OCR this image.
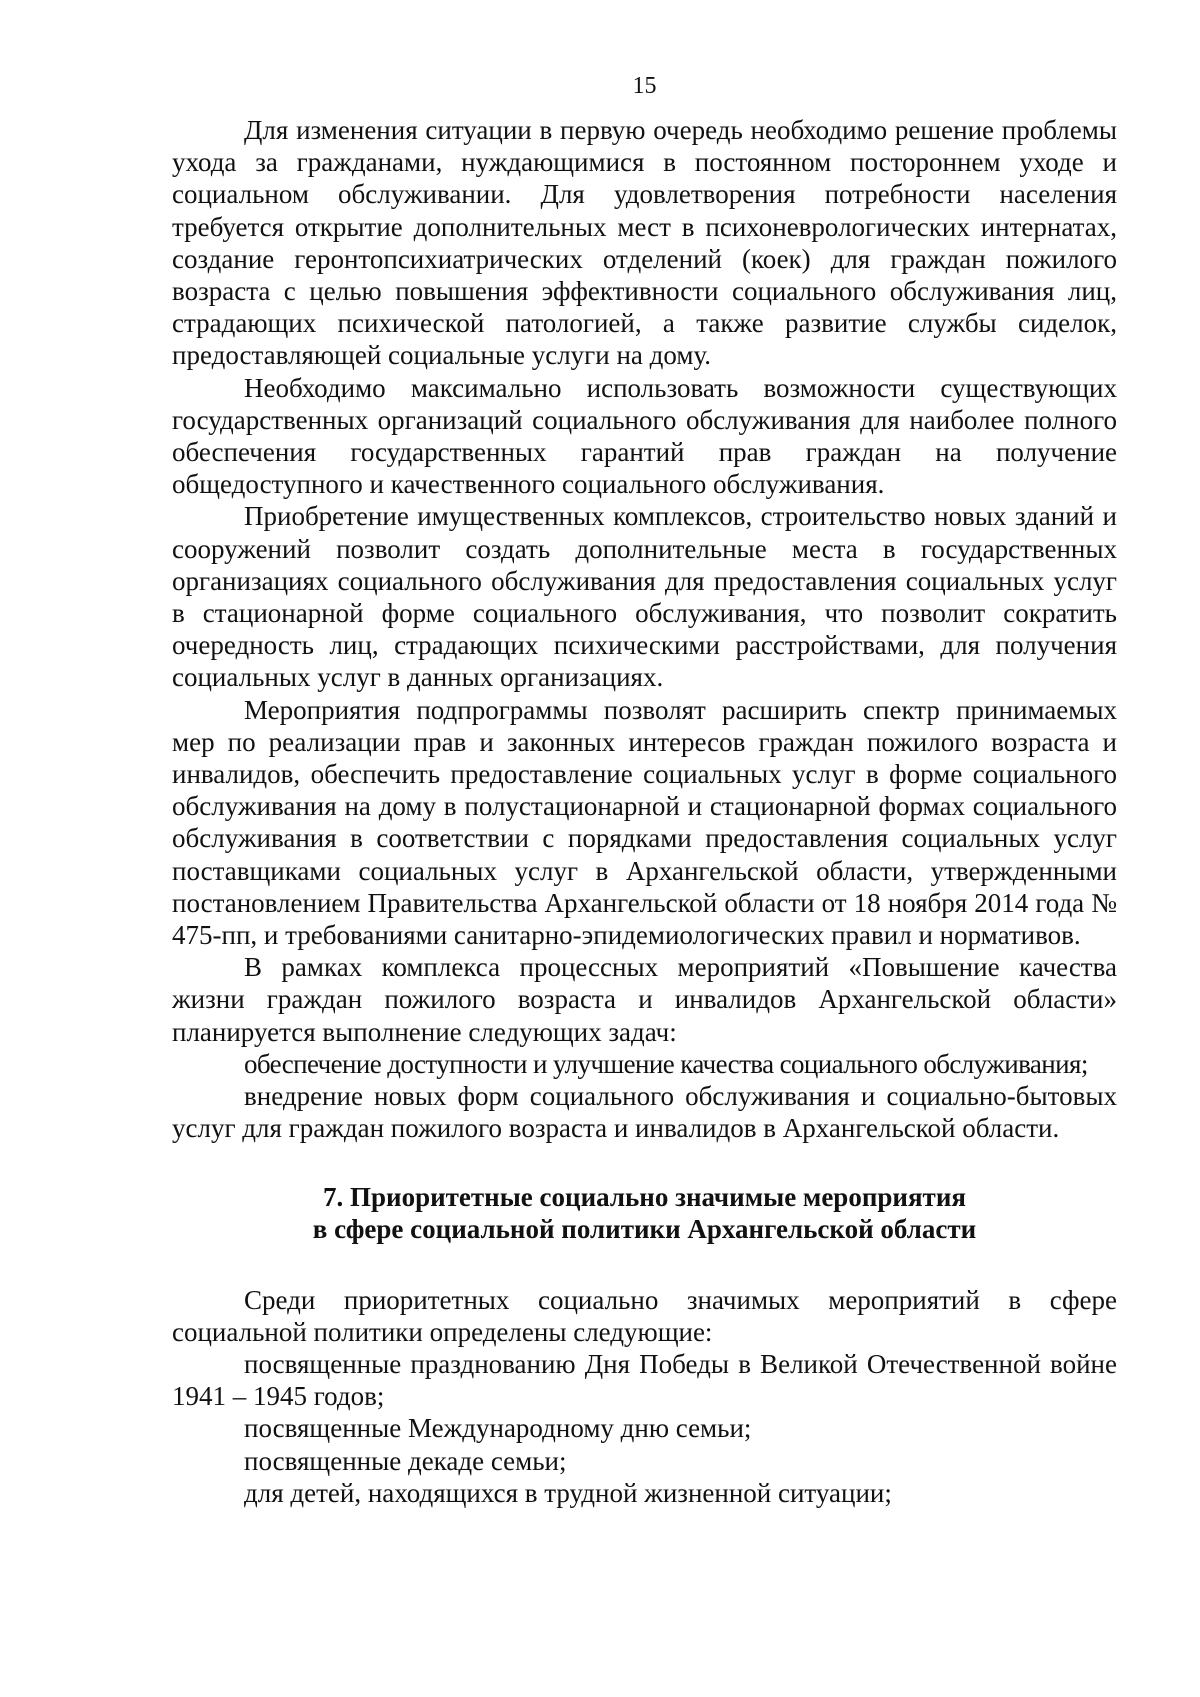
15

Для изменения ситуации в первую очередь необходимо решение проблемы ухода за гражданами, нуждающимися в постоянном постороннем уходе и социальном обслуживании. Для удовлетворения потребности населения требуется открытие дополнительных мест в психоневрологических интернатах, создание геронтопсихиатрических отделений (коек) для граждан пожилого возраста с целью повышения эффективности социального обслуживания лиц, страдающих психической патологией, а также развитие службы сиделок, предоставляющей социальные услуги на дому.

Необходимо максимально использовать возможности существующих государственных организаций социального обслуживания для наиболее полного обеспечения государственных гарантий прав граждан на получение общедоступного и качественного социального обслуживания.

Приобретение имущественных комплексов, строительство новых зданий и сооружений позволит создать дополнительные места в государственных организациях социального обслуживания для предоставления социальных услуг в стационарной форме социального обслуживания, что позволит сократить очередность лиц, страдающих психическими расстройствами, для получения социальных услуг в данных организациях.

Мероприятия подпрограммы позволят расширить спектр принимаемых мер по реализации прав и законных интересов граждан пожилого возраста и инвалидов, обеспечить предоставление социальных услуг в форме социального обслуживания на дому в полустационарной и стационарной формах социального обслуживания в соответствии с порядками предоставления социальных услуг поставщиками социальных услуг в Архангельской области, утвержденными постановлением Правительства Архангельской области от 18 ноября 2014 года № 475-пп, и требованиями санитарно-эпидемиологических правил и нормативов.

В рамках комплекса процессных мероприятий «Повышение качества жизни граждан пожилого возраста и инвалидов Архангельской области» планируется выполнение следующих задач:

обеспечение доступности и улучшение качества социального обслуживания;

внедрение новых форм социального обслуживания и социально-бытовых услуг для граждан пожилого возраста и инвалидов в Архангельской области.

7. Приоритетные социально значимые мероприятия
в сфере социальной политики Архангельской области

Среди приоритетных социально значимых мероприятий в сфере социальной политики определены следующие:

посвященные празднованию Дня Победы в Великой Отечественной войне 1941 – 1945 годов;

посвященные Международному дню семьи;

посвященные декаде семьи;

для детей, находящихся в трудной жизненной ситуации;
